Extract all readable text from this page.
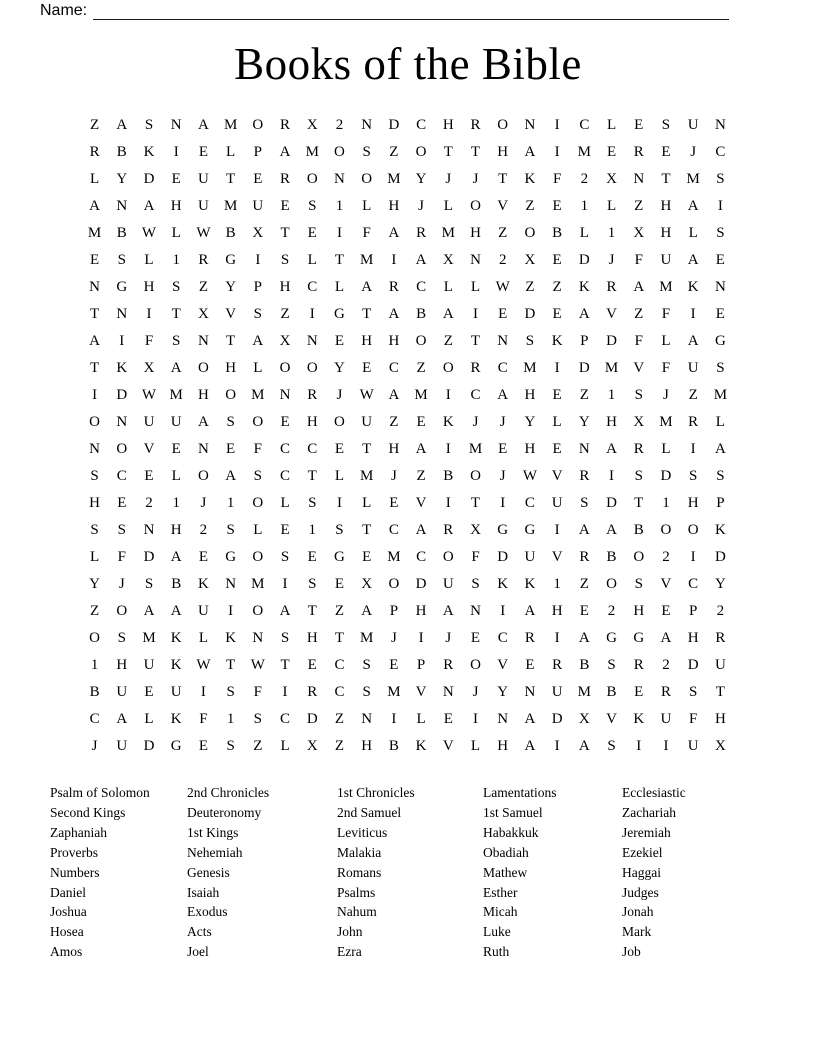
Name:
Books of the Bible
Z	A	S	N	A	M	O	R	X	2	N	D	C	H	R	O	N	I	C	L	E	S	U	N
R	B	K	I	E	L	P	A	M	O	S	Z	O	T	T	H	A	I	M	E	R	E	J	C
L	Y	D	E	U	T	E	R	O	N	O	M	Y	J	J	T	K	F	2	X	N	T	M	S
A	N	A	H	U	M	U	E	S	1	L	H	J	L	O	V	Z	E	1	L	Z	H	A	I
M	B	W	L	W	B	X	T	E	I	F	A	R	M	H	Z	O	B	L	1	X	H	L	S
E	S	L	1	R	G	I	S	L	T	M	I	A	X	N	2	X	E	D	J	F	U	A	E
N	G	H	S	Z	Y	P	H	C	L	A	R	C	L	L	W	Z	Z	K	R	A	M	K	N
T	N	I	T	X	V	S	Z	I	G	T	A	B	A	I	E	D	E	A	V	Z	F	I	E
A	I	F	S	N	T	A	X	N	E	H	H	O	Z	T	N	S	K	P	D	F	L	A	G
T	K	X	A	O	H	L	O	O	Y	E	C	Z	O	R	C	M	I	D	M	V	F	U	S
I	D W M	H	O	M	N	R	J	W A	M	I	C	A	H	E	Z	1	S	J	Z	M
O	N	U	U	A	S	O	E	H	O	U	Z	E	K	J	J	Y	L	Y	H	X	M	R	L
N	O	V	E	N	E	F	C	C	E	T	H	A	I	M	E	H	E	N	A	R	L	I	A
S	C	E	L	O	A	S	C	T	L	M	J	Z	B	O	J	W V	R	I	S	D	S	S
H	E	2	1	J	1	O	L	S	I	L	E	V	I	T	I	C	U	S	D	T	1	H	P
S	S	N	H	2	S	L	E	1	S	T	C	A	R	X	G	G	I	A	A	B	O	O	K
L	F	D	A	E	G	O	S	E	G	E	M	C	O	F	D	U	V	R	B	O	2	I	D
Y	J	S	B	K	N	M	I	S	E	X	O	D	U	S	K	K	1	Z	O	S	V	C	Y
Z	O	A	A	U	I	O	A	T	Z	A	P	H	A	N	I	A	H	E	2	H	E	P	2
O	S	M	K	L	K	N	S	H	T	M	J	I	J	E	C	R	I	A	G	G	A	H	R
1	H	U	K W	T	W	T	E	C	S	E	P	R	O	V	E	R	B	S	R	2	D	U
B	U	E	U	I	S	F	I	R	C	S	M	V	N	J	Y	N	U	M	B	E	R	S	T
C	A	L	K	F	1	S	C	D	Z	N	I	L	E	I	N	A	D	X	V	K	U	F	H
J	U	D	G	E	S	Z	L	X	Z	H	B	K	V	L	H	A	I	A	S	I	I	U	X
Psalm of Solomon
Second Kings
Zaphaniah
Proverbs
Numbers
Daniel
Joshua
Hosea
Amos
2nd Chronicles
Deuteronomy
1st Kings
Nehemiah
Genesis
Isaiah
Exodus
Acts
Joel
1st Chronicles
2nd Samuel
Leviticus
Malakia
Romans
Psalms
Nahum
John
Ezra
Lamentations
1st Samuel
Habakkuk
Obadiah
Mathew
Esther
Micah
Luke
Ruth
Ecclesiastic
Zachariah
Jeremiah
Ezekiel
Haggai
Judges
Jonah
Mark
Job
